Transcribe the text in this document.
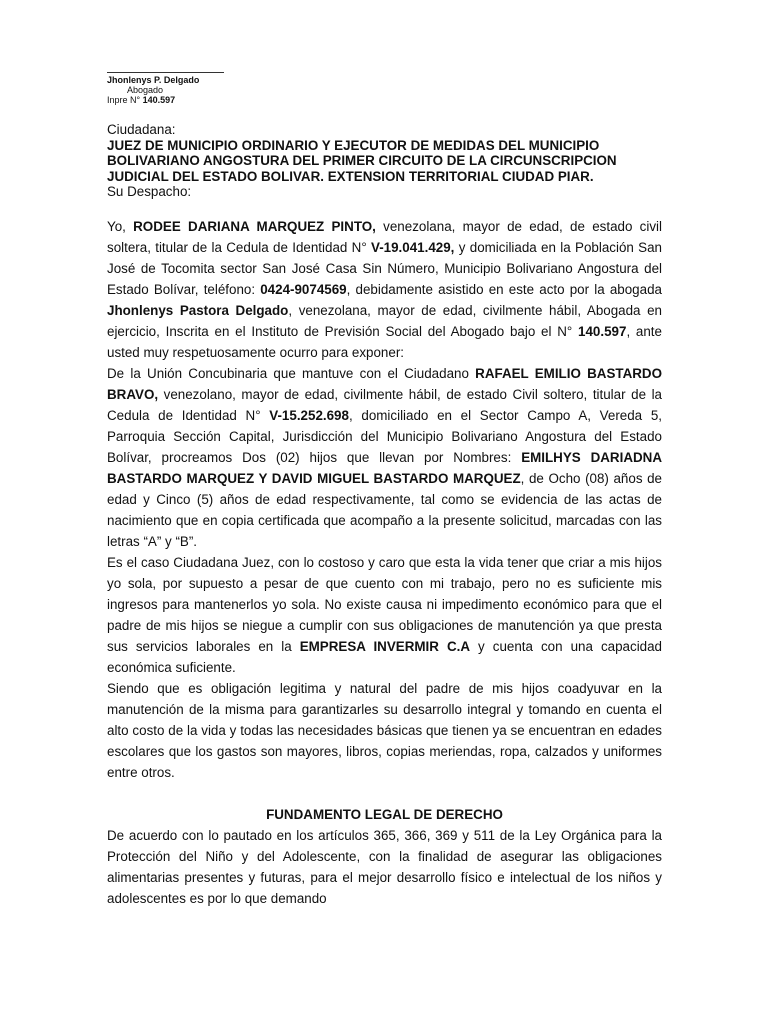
Jhonlenys P. Delgado
Abogado
Inpre N° 140.597
Ciudadana:
JUEZ DE MUNICIPIO ORDINARIO Y EJECUTOR DE MEDIDAS DEL MUNICIPIO BOLIVARIANO ANGOSTURA DEL PRIMER CIRCUITO DE LA CIRCUNSCRIPCION JUDICIAL DEL ESTADO BOLIVAR. EXTENSION TERRITORIAL CIUDAD PIAR.
Su Despacho:

Yo, RODEE DARIANA MARQUEZ PINTO, venezolana, mayor de edad, de estado civil soltera, titular de la Cedula de Identidad N° V-19.041.429, y domiciliada en la Población San José de Tocomita sector San José Casa Sin Número, Municipio Bolivariano Angostura del Estado Bolívar, teléfono: 0424-9074569, debidamente asistido en este acto por la abogada Jhonlenys Pastora Delgado, venezolana, mayor de edad, civilmente hábil, Abogada en ejercicio, Inscrita en el Instituto de Previsión Social del Abogado bajo el N° 140.597, ante usted muy respetuosamente ocurro para exponer:

De la Unión Concubinaria que mantuve con el Ciudadano RAFAEL EMILIO BASTARDO BRAVO, venezolano, mayor de edad, civilmente hábil, de estado Civil soltero, titular de la Cedula de Identidad N° V-15.252.698, domiciliado en el Sector Campo A, Vereda 5, Parroquia Sección Capital, Jurisdicción del Municipio Bolivariano Angostura del Estado Bolívar, procreamos Dos (02) hijos que llevan por Nombres: EMILHYS DARIADNA BASTARDO MARQUEZ Y DAVID MIGUEL BASTARDO MARQUEZ, de Ocho (08) años de edad y Cinco (5) años de edad respectivamente, tal como se evidencia de las actas de nacimiento que en copia certificada que acompaño a la presente solicitud, marcadas con las letras “A” y “B”.

Es el caso Ciudadana Juez, con lo costoso y caro que esta la vida tener que criar a mis hijos yo sola, por supuesto a pesar de que cuento con mi trabajo, pero no es suficiente mis ingresos para mantenerlos yo sola. No existe causa ni impedimento económico para que el padre de mis hijos se niegue a cumplir con sus obligaciones de manutención ya que presta sus servicios laborales en la EMPRESA INVERMIR C.A y cuenta con una capacidad económica suficiente.

Siendo que es obligación legitima y natural del padre de mis hijos coadyuvar en la manutención de la misma para garantizarles su desarrollo integral y tomando en cuenta el alto costo de la vida y todas las necesidades básicas que tienen ya se encuentran en edades escolares que los gastos son mayores, libros, copias meriendas, ropa, calzados y uniformes entre otros.

FUNDAMENTO LEGAL DE DERECHO

De acuerdo con lo pautado en los artículos 365, 366, 369 y 511 de la Ley Orgánica para la Protección del Niño y del Adolescente, con la finalidad de asegurar las obligaciones alimentarias presentes y futuras, para el mejor desarrollo físico e intelectual de los niños y adolescentes es por lo que demando
